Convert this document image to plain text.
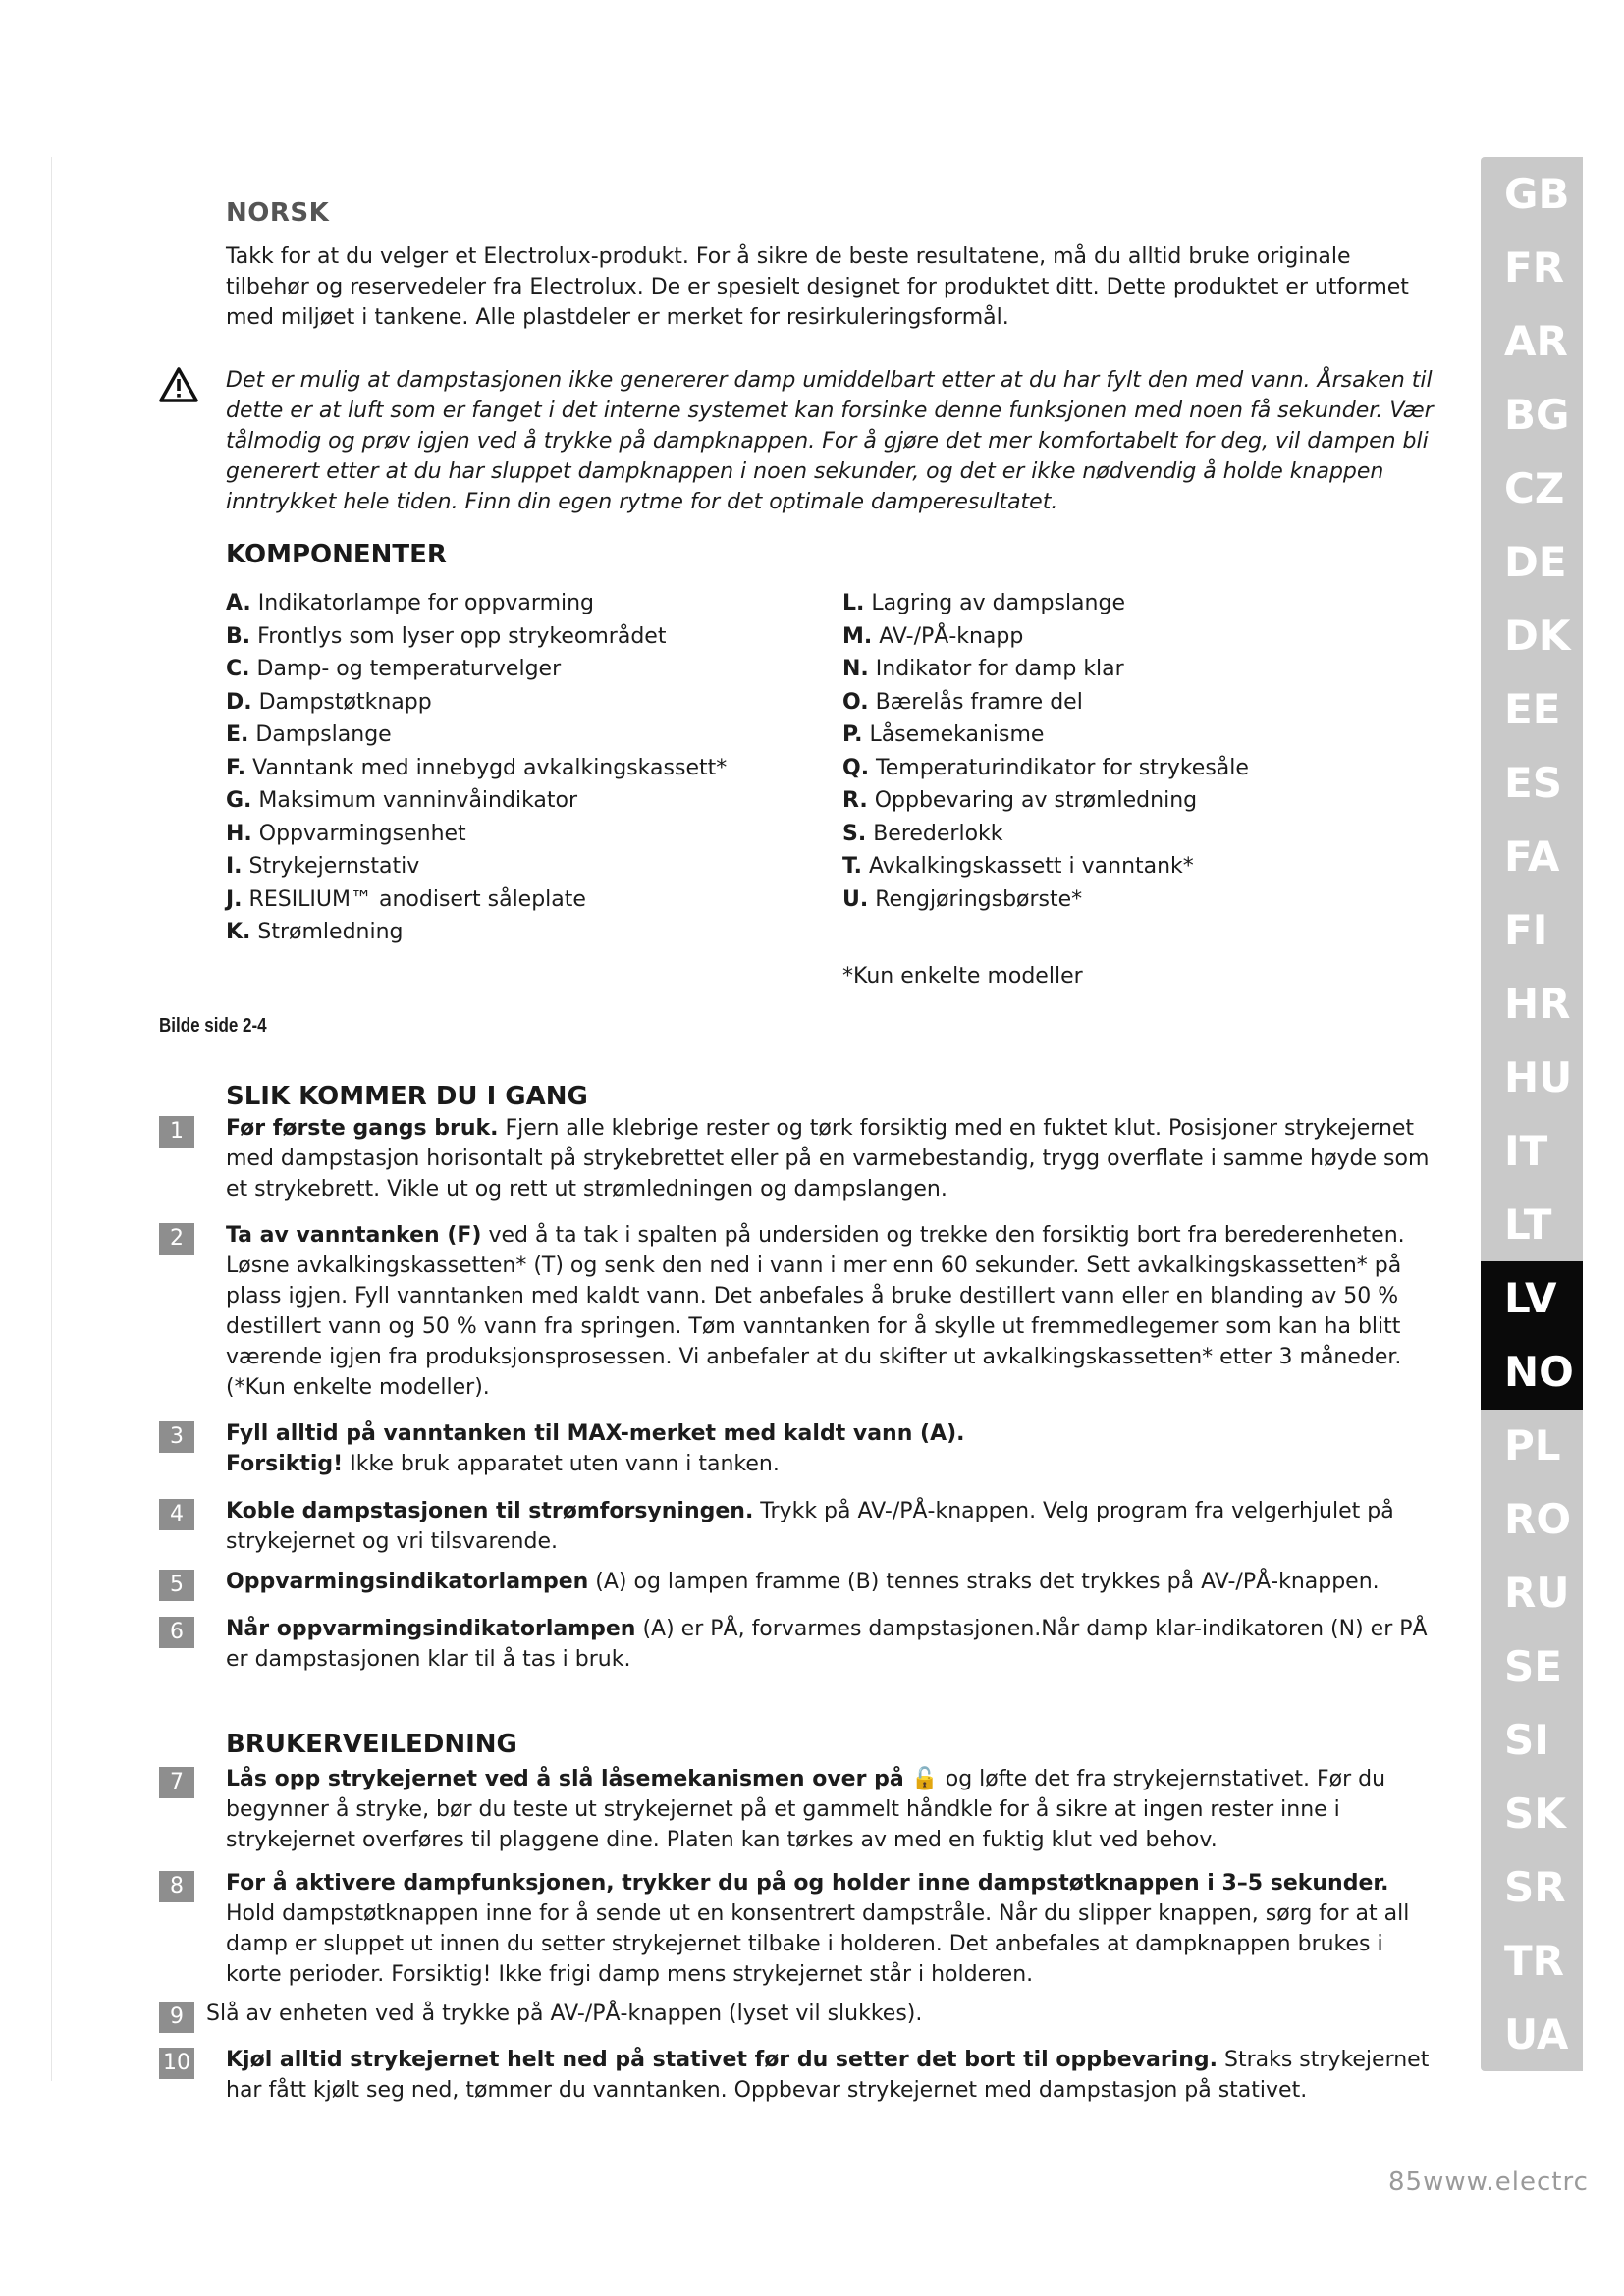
NORSK
Takk for at du velger et Electrolux-produkt. For å sikre de beste resultatene, må du alltid bruke originale tilbehør og reservedeler fra Electrolux. De er spesielt designet for produktet ditt. Dette produktet er utformet med miljøet i tankene. Alle plastdeler er merket for resirkuleringsformål.
Det er mulig at dampstasjonen ikke genererer damp umiddelbart etter at du har fylt den med vann. Årsaken til dette er at luft som er fanget i det interne systemet kan forsinke denne funksjonen med noen få sekunder. Vær tålmodig og prøv igjen ved å trykke på dampknappen. For å gjøre det mer komfortabelt for deg, vil dampen bli generert etter at du har sluppet dampknappen i noen sekunder, og det er ikke nødvendig å holde knappen inntrykket hele tiden. Finn din egen rytme for det optimale damperesultatet.
KOMPONENTER
A. Indikatorlampe for oppvarming
B. Frontlys som lyser opp strykeområdet
C. Damp- og temperaturvelger
D. Dampstøtknapp
E. Dampslange
F. Vanntank med innebygd avkalkingskassett*
G. Maksimum vanninvåindikator
H. Oppvarmingsenhet
I. Strykejernstativ
J. RESILIUM™ anodisert såleplate
K. Strømledning
L. Lagring av dampslange
M. AV-/PÅ-knapp
N. Indikator for damp klar
O. Bærelås framre del
P. Låsemekanisme
Q. Temperaturindikator for strykesåle
R. Oppbevaring av strømledning
S. Berederlokk
T. Avkalkingskassett i vanntank*
U. Rengjøringsbørste*
*Kun enkelte modeller
Bilde side 2-4
SLIK KOMMER DU I GANG
BRUKERVEILEDNING
1	Før første gangs bruk. Fjern alle klebrige rester og tørk forsiktig med en fuktet klut. Posisjoner strykejernet med dampstasjon horisontalt på strykebrettet eller på en varmebestandig, trygg overflate i samme høyde som et strykebrett. Vikle ut og rett ut strømledningen og dampslangen.
2	Ta av vanntanken (F) ved å ta tak i spalten på undersiden og trekke den forsiktig bort fra berederenheten. Løsne avkalkingskassetten* (T) og senk den ned i vann i mer enn 60 sekunder. Sett avkalkingskassetten* på plass igjen. Fyll vanntanken med kaldt vann. Det anbefales å bruke destillert vann eller en blanding av 50 % destillert vann og 50 % vann fra springen. Tøm vanntanken for å skylle ut fremmedlegemer som kan ha blitt værende igjen fra produksjonsprosessen. Vi anbefaler at du skifter ut avkalkingskassetten* etter 3 måneder. (*Kun enkelte modeller).
3	Fyll alltid på vanntanken til MAX-merket med kaldt vann (A).
Forsiktig! Ikke bruk apparatet uten vann i tanken.
4	Koble dampstasjonen til strømforsyningen. Trykk på AV-/PÅ-knappen. Velg program fra velgerhjulet på strykejernet og vri tilsvarende.
5	Oppvarmingsindikatorlampen (A) og lampen framme (B) tennes straks det trykkes på AV-/PÅ-knappen.
6	Når oppvarmingsindikatorlampen (A) er PÅ, forvarmes dampstasjonen.Når damp klar-indikatoren (N) er PÅ er dampstasjonen klar til å tas i bruk.
7	Lås opp strykejernet ved å slå låsemekanismen over på 🔓 og løfte det fra strykejernstativet. Før du begynner å stryke, bør du teste ut strykejernet på et gammelt håndkle for å sikre at ingen rester inne i strykejernet overføres til plaggene dine. Platen kan tørkes av med en fuktig klut ved behov.
8	For å aktivere dampfunksjonen, trykker du på og holder inne dampstøtknappen i 3–5 sekunder. Hold dampstøtknappen inne for å sende ut en konsentrert dampstråle. Når du slipper knappen, sørg for at all damp er sluppet ut innen du setter strykejernet tilbake i holderen. Det anbefales at dampknappen brukes i korte perioder. Forsiktig! Ikke frigi damp mens strykejernet står i holderen.
9	Slå av enheten ved å trykke på AV-/PÅ-knappen (lyset vil slukkes).
10 Kjøl alltid strykejernet helt ned på stativet før du setter det bort til oppbevaring. Straks strykejernet har fått kjølt seg ned, tømmer du vanntanken. Oppbevar strykejernet med dampstasjon på stativet.
GB
FR
AR
BG
CZ
DE
DK
EE
ES
FA
FI
HR
HU
IT
LT
LV
NO
PL
RO
RU
SE
SI
SK
SR
TR
UA
85www.electrc
